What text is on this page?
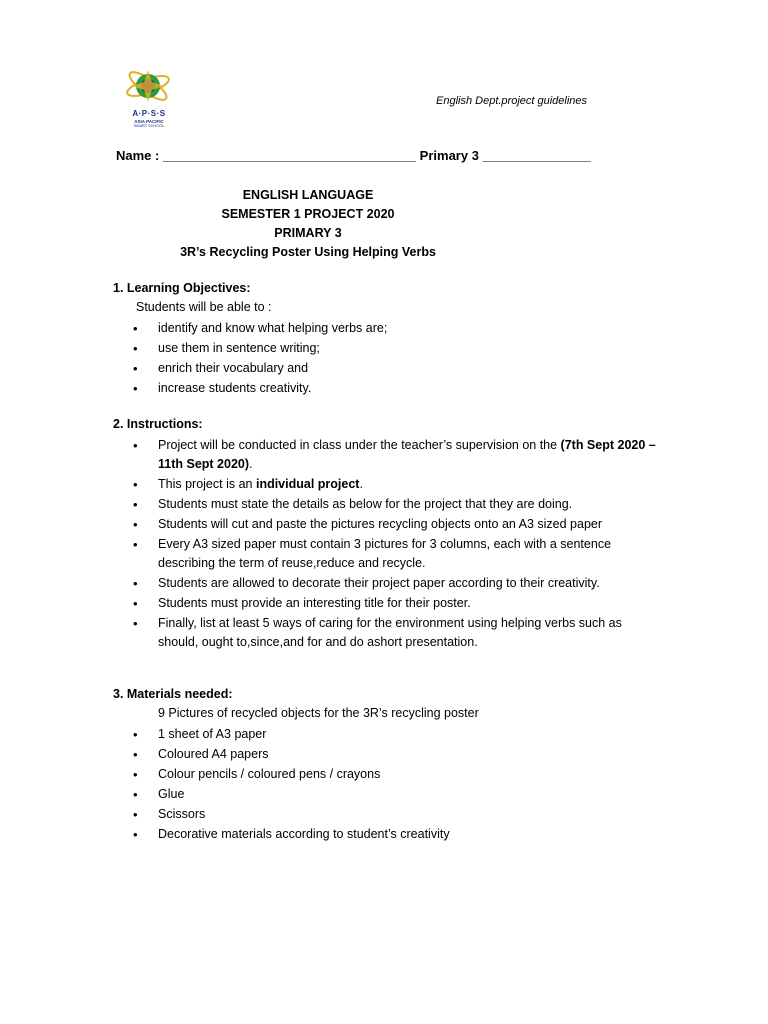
A·P·S·S
ASIA PACIFIC
SMART SCHOOL
English Dept.project guidelines
Name : ___________________________________ Primary 3 _______________
ENGLISH LANGUAGE
SEMESTER 1 PROJECT 2020
PRIMARY 3
3R’s Recycling Poster Using Helping Verbs
1. Learning Objectives:
Students will be able to :
• identify and know what helping verbs are;
• use them in sentence writing;
• enrich their vocabulary and
• increase students creativity.
2. Instructions:
• Project will be conducted in class under the teacher’s supervision on the (7th Sept 2020 – 11th Sept 2020).
• This project is an individual project.
• Students must state the details as below for the project that they are doing.
• Students will cut and paste the pictures recycling objects onto an A3 sized paper
• Every A3 sized paper must contain 3 pictures for 3 columns, each with a sentence describing the term of reuse,reduce and recycle.
• Students are allowed to decorate their project paper according to their creativity.
• Students must provide an interesting title for their poster.
• Finally, list at least 5 ways of caring for the environment using helping verbs such as should, ought to,since,and for and do ashort presentation.
3. Materials needed:
9 Pictures of recycled objects for the 3R’s recycling poster
• 1 sheet of A3 paper
• Coloured A4 papers
• Colour pencils / coloured pens / crayons
• Glue
• Scissors
• Decorative materials according to student’s creativity
